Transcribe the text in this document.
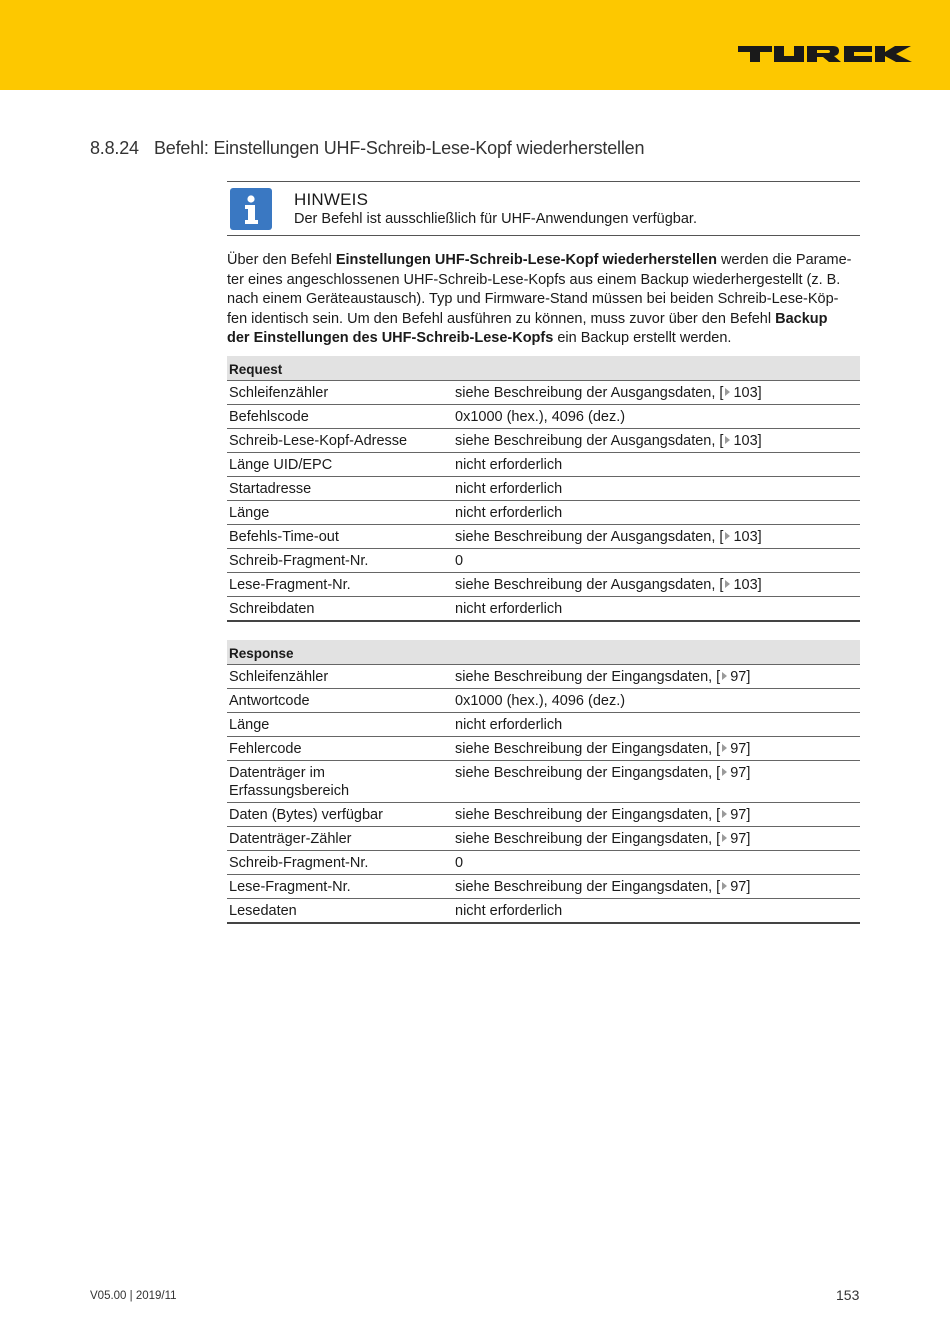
8.8.24 Befehl: Einstellungen UHF-Schreib-Lese-Kopf wiederherstellen
HINWEIS
Der Befehl ist ausschließlich für UHF-Anwendungen verfügbar.
Über den Befehl Einstellungen UHF-Schreib-Lese-Kopf wiederherstellen werden die Parame-
ter eines angeschlossenen UHF-Schreib-Lese-Kopfs aus einem Backup wiederhergestellt (z. B.
nach einem Geräteaustausch). Typ und Firmware-Stand müssen bei beiden Schreib-Lese-Köp-
fen identisch sein. Um den Befehl ausführen zu können, muss zuvor über den Befehl Backup
der Einstellungen des UHF-Schreib-Lese-Kopfs ein Backup erstellt werden.
Request	
Schleifenzähler	siehe Beschreibung der Ausgangsdaten, [ 103]
Befehlscode	0x1000 (hex.), 4096 (dez.)
Schreib-Lese-Kopf-Adresse	siehe Beschreibung der Ausgangsdaten, [ 103]
Länge UID/EPC	nicht erforderlich
Startadresse	nicht erforderlich
Länge	nicht erforderlich
Befehls-Time-out	siehe Beschreibung der Ausgangsdaten, [ 103]
Schreib-Fragment-Nr.	0
Lese-Fragment-Nr.	siehe Beschreibung der Ausgangsdaten, [ 103]
Schreibdaten	nicht erforderlich
Response	
Schleifenzähler	siehe Beschreibung der Eingangsdaten, [ 97]
Antwortcode	0x1000 (hex.), 4096 (dez.)
Länge	nicht erforderlich
Fehlercode	siehe Beschreibung der Eingangsdaten, [ 97]
Datenträger im
Erfassungsbereich	siehe Beschreibung der Eingangsdaten, [ 97]
Daten (Bytes) verfügbar	siehe Beschreibung der Eingangsdaten, [ 97]
Datenträger-Zähler	siehe Beschreibung der Eingangsdaten, [ 97]
Schreib-Fragment-Nr.	0
Lese-Fragment-Nr.	siehe Beschreibung der Eingangsdaten, [ 97]
Lesedaten	nicht erforderlich
V05.00 | 2019/11	153
